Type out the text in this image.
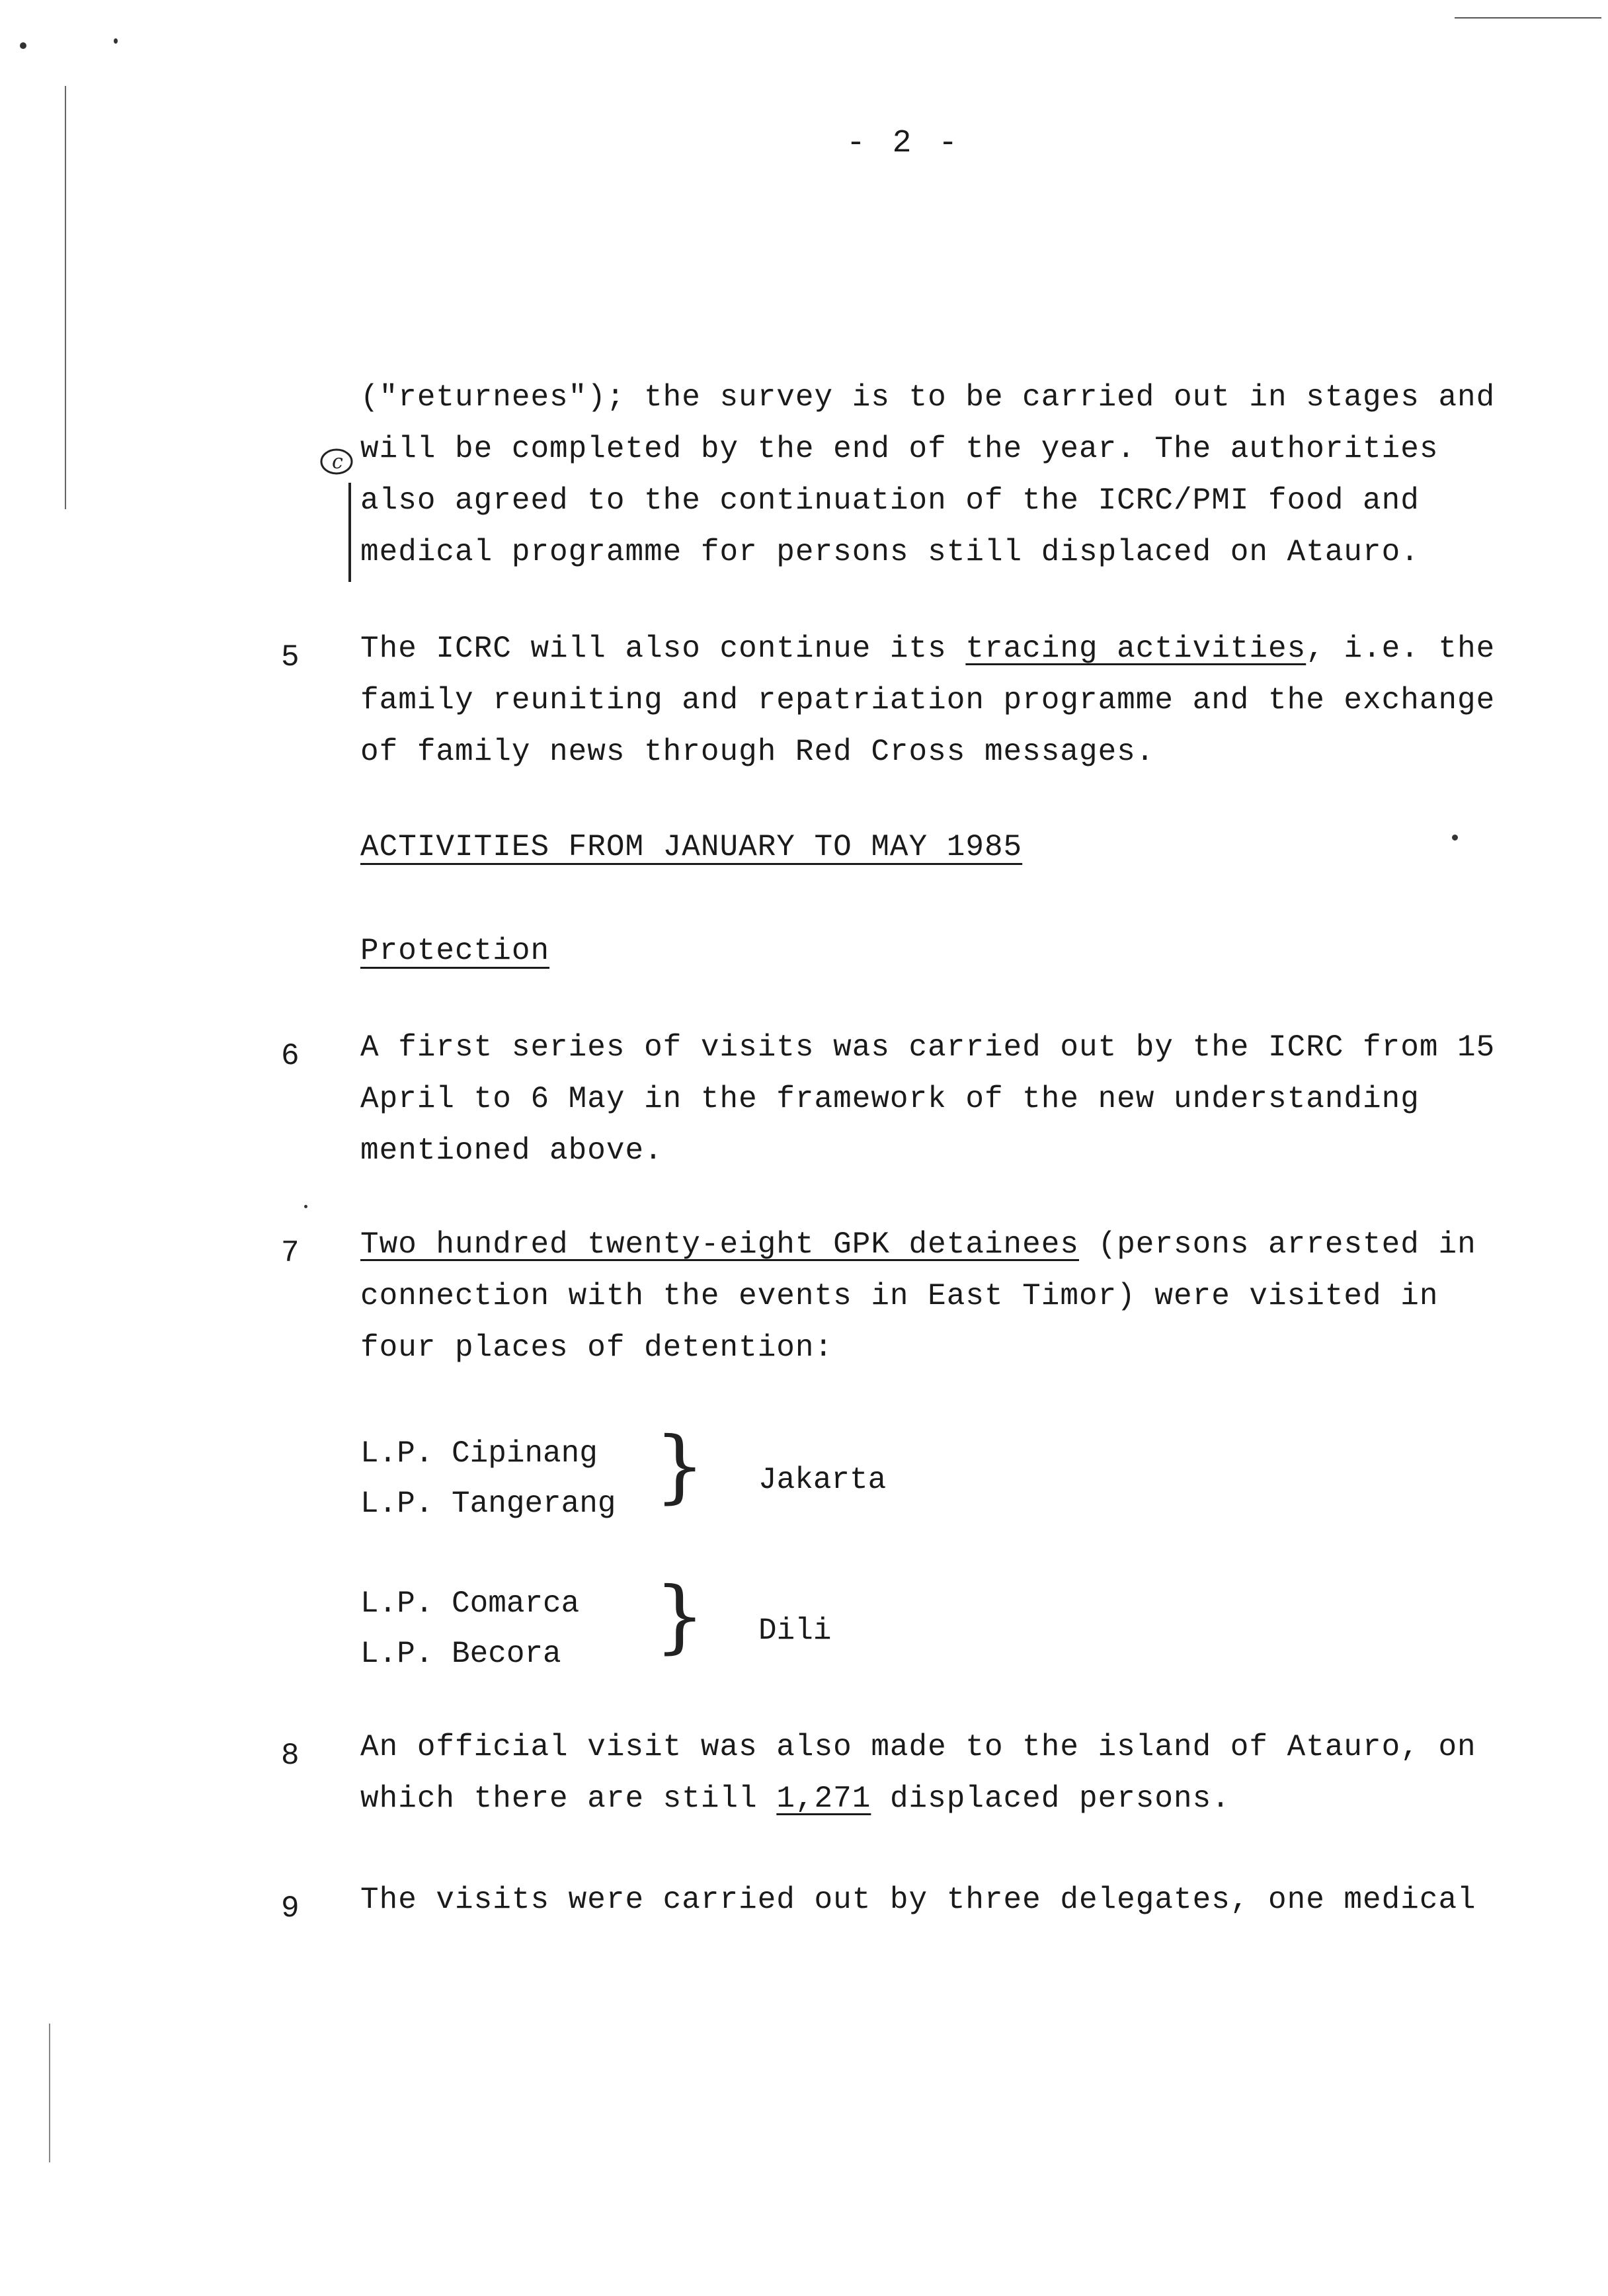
- 2 -
c
("returnees"); the survey is to be carried out in stages and
will be completed by the end of the year. The authorities
also agreed to the continuation of the ICRC/PMI food and
medical programme for persons still displaced on Atauro.
5 The ICRC will also continue its tracing activities, i.e. the
family reuniting and repatriation programme and the exchange
of family news through Red Cross messages.
ACTIVITIES FROM JANUARY TO MAY 1985
Protection
6 A first series of visits was carried out by the ICRC from 15
April to 6 May in the framework of the new understanding
mentioned above.
7 Two hundred twenty-eight GPK detainees (persons arrested in
connection with the events in East Timor) were visited in
four places of detention:
L.P. Cipinang
L.P. Tangerang } Jakarta
L.P. Comarca
L.P. Becora } Dili
8 An official visit was also made to the island of Atauro, on
which there are still 1,271 displaced persons.
9 The visits were carried out by three delegates, one medical
